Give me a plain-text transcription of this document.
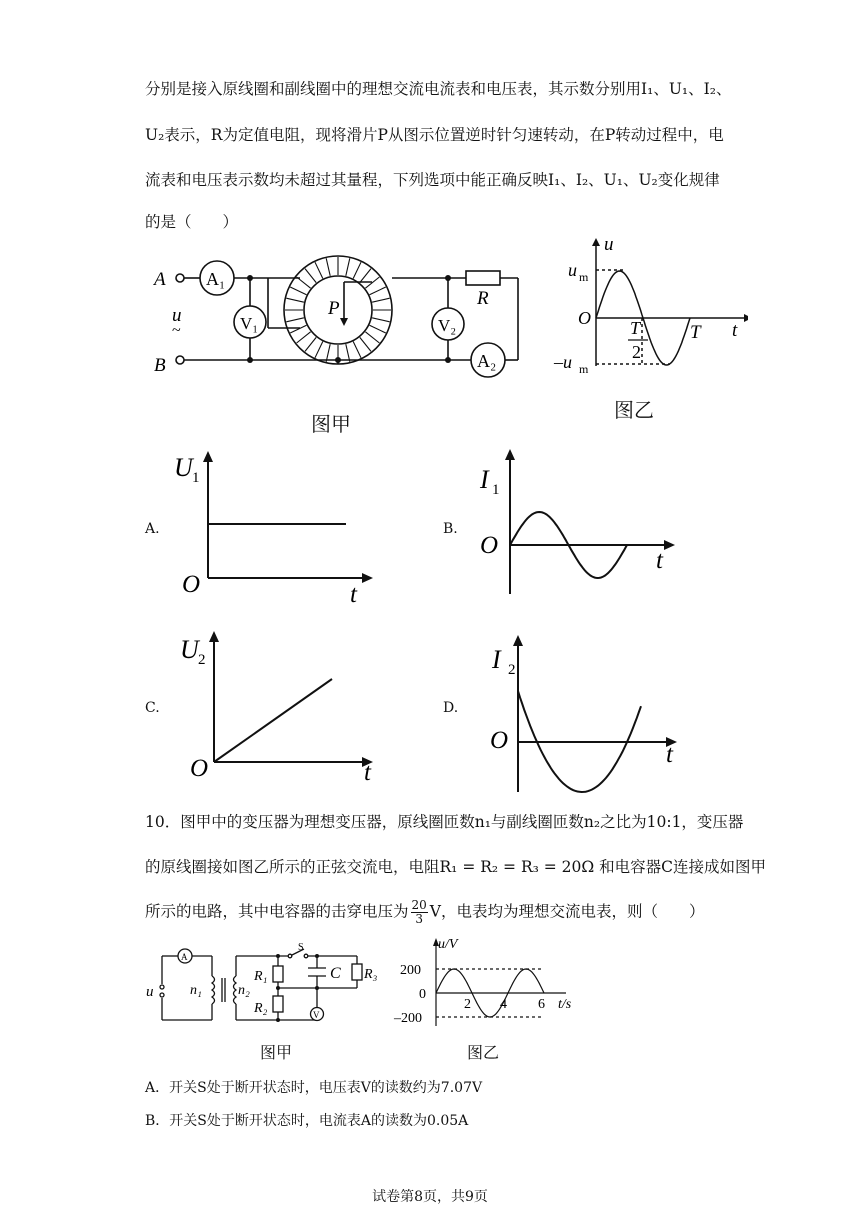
分别是接入原线圈和副线圈中的理想交流电流表和电压表，其示数分别用I₁、U₁、I₂、
U₂表示，R为定值电阻，现将滑片P从图示位置逆时针匀速转动，在P转动过程中，电
流表和电压表示数均未超过其量程，下列选项中能正确反映I₁、I₂、U₁、U₂变化规律
的是（　　）
A
B
u
~
A₁
V₁
P
V₂
R
A₂
图甲
u
u m
–u m
O
t
T
T
2
图乙
A.	B.
C.	D.
U 1
O	t
I 1
O
t
U 2
O	t
I 2
O
t
10．图甲中的变压器为理想变压器，原线圈匝数n₁与副线圈匝数n₂之比为10:1，变压器
的原线圈接如图乙所示的正弦交流电，电阻R₁ = R₂ = R₃ = 20Ω 和电容器C连接成如图甲
所示的电路，其中电容器的击穿电压为 $\frac{20}{3}$ V，电表均为理想交流电表，则（　　）
u
A
n₁	n₂
S
R₁
R₂
R₃
C
V
图甲
u/V
200
0
–200
2 4 6 t/s
图乙
A．开关S处于断开状态时，电压表V的读数约为7.07V
B．开关S处于断开状态时，电流表A的读数为0.05A
试卷第8页，共9页
